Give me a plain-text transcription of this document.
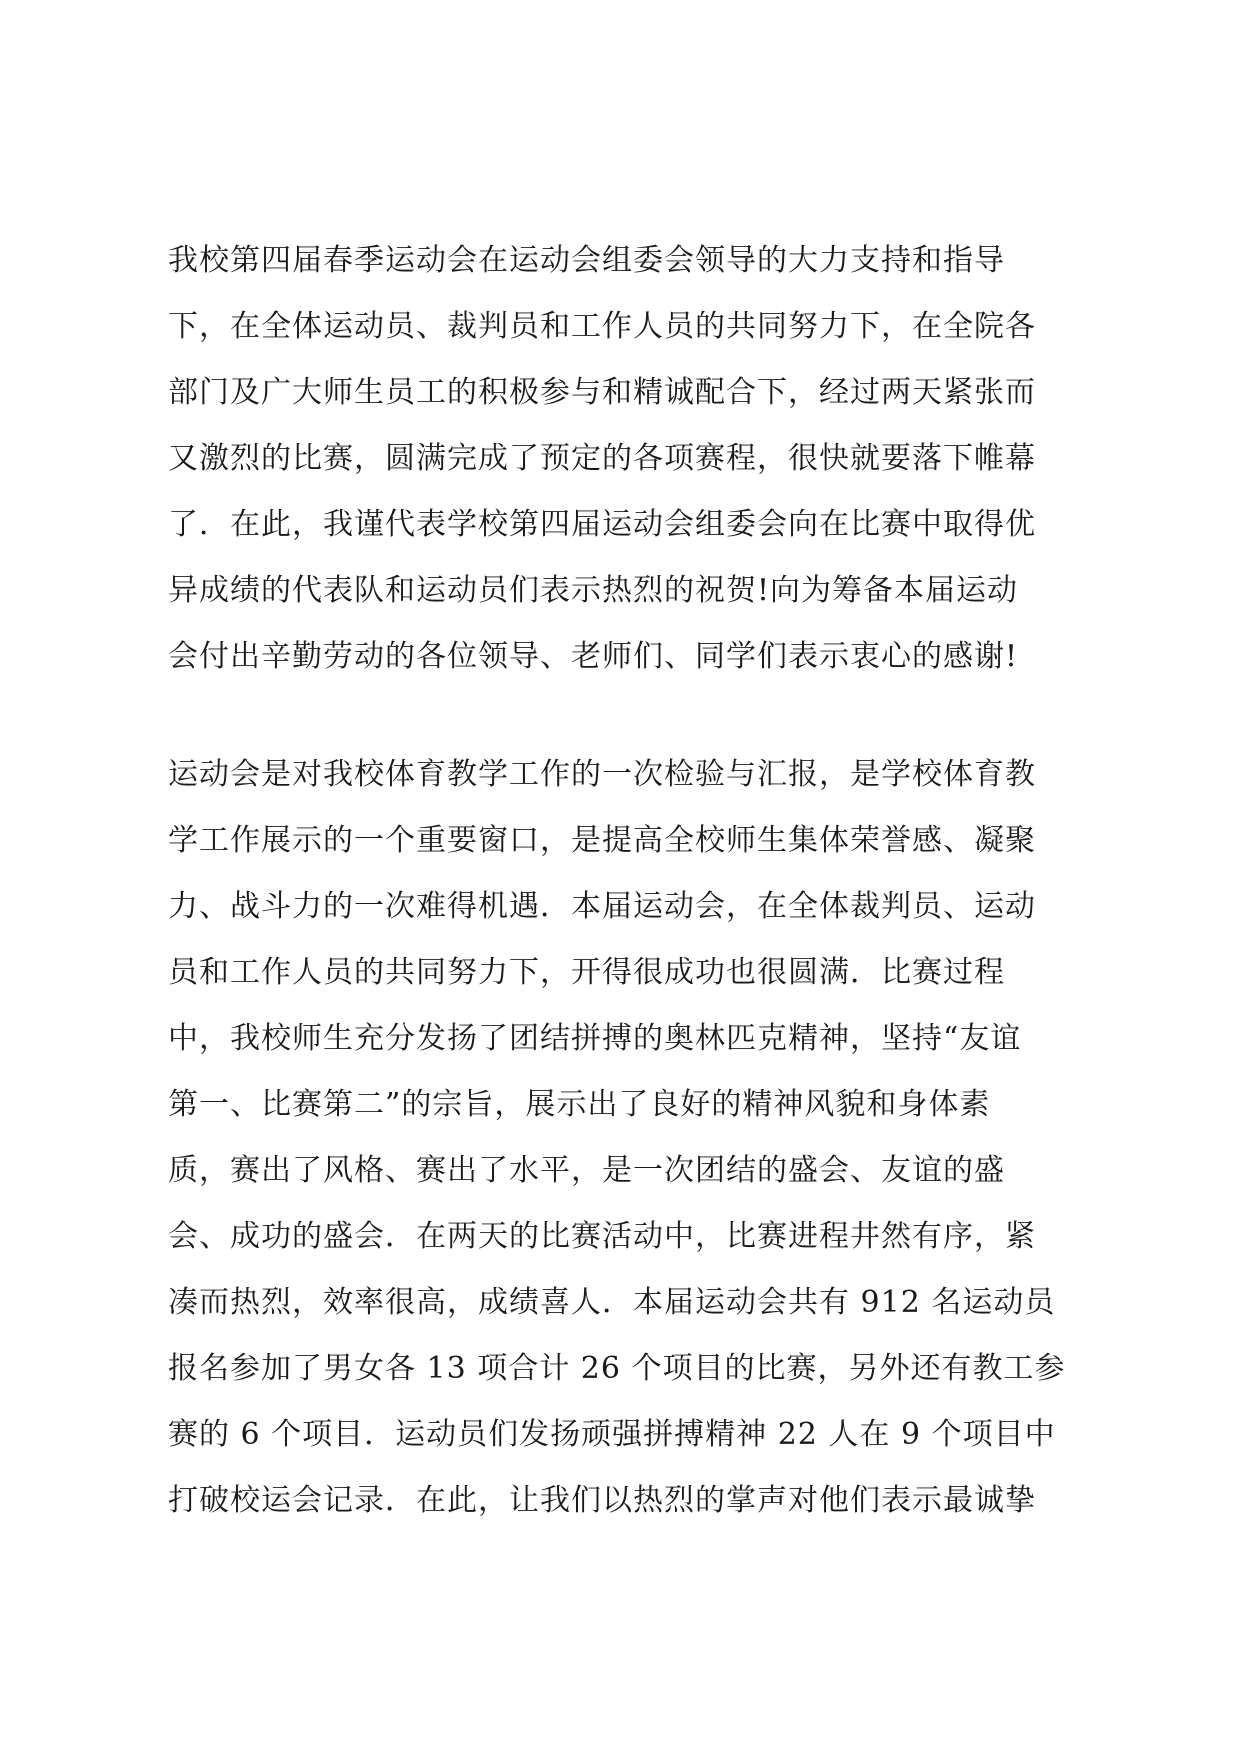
我校第四届春季运动会在运动会组委会领导的大力支持和指导
下，在全体运动员、裁判员和工作人员的共同努力下，在全院各
部门及广大师生员工的积极参与和精诚配合下，经过两天紧张而
又激烈的比赛，圆满完成了预定的各项赛程，很快就要落下帷幕
了．在此，我谨代表学校第四届运动会组委会向在比赛中取得优
异成绩的代表队和运动员们表示热烈的祝贺!向为筹备本届运动
会付出辛勤劳动的各位领导、老师们、同学们表示衷心的感谢!
运动会是对我校体育教学工作的一次检验与汇报，是学校体育教
学工作展示的一个重要窗口，是提高全校师生集体荣誉感、凝聚
力、战斗力的一次难得机遇．本届运动会，在全体裁判员、运动
员和工作人员的共同努力下，开得很成功也很圆满．比赛过程
中，我校师生充分发扬了团结拼搏的奥林匹克精神，坚持“友谊
第一、比赛第二”的宗旨，展示出了良好的精神风貌和身体素
质，赛出了风格、赛出了水平，是一次团结的盛会、友谊的盛
会、成功的盛会．在两天的比赛活动中，比赛进程井然有序，紧
凑而热烈，效率很高，成绩喜人．本届运动会共有 912 名运动员
报名参加了男女各 13 项合计 26 个项目的比赛，另外还有教工参
赛的 6 个项目．运动员们发扬顽强拼搏精神 22 人在 9 个项目中
打破校运会记录．在此，让我们以热烈的掌声对他们表示最诚挚
